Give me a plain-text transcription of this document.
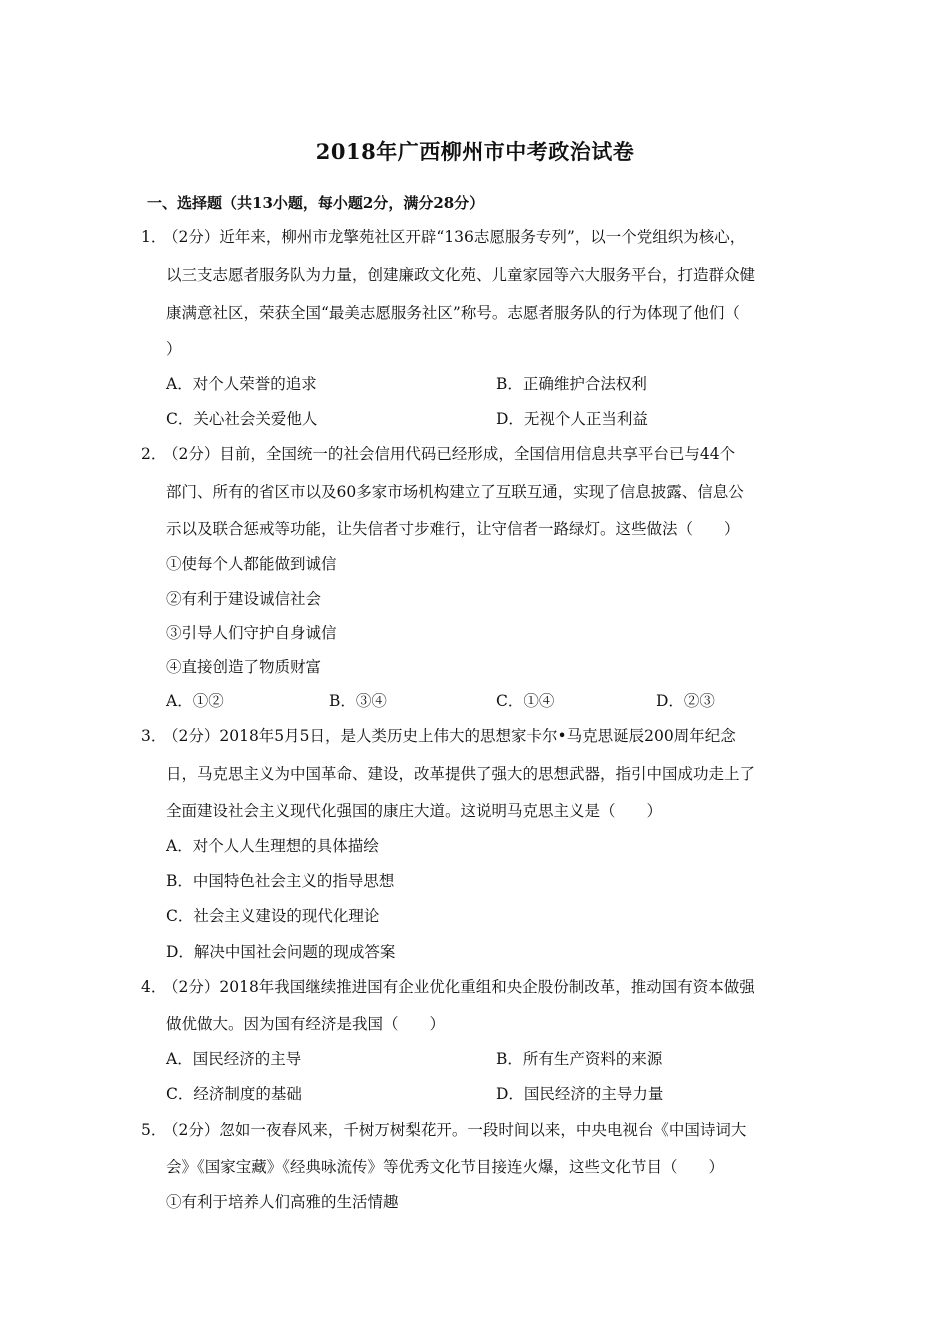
2018年广西柳州市中考政治试卷
一、选择题（共13小题，每小题2分，满分28分）
1．
（2分）近年来，柳州市龙擎苑社区开辟“136志愿服务专列”，以一个党组织为核心，
以三支志愿者服务队为力量，创建廉政文化苑、儿童家园等六大服务平台，打造群众健
康满意社区，荣获全国“最美志愿服务社区”称号。志愿者服务队的行为体现了他们（
）
A．对个人荣誉的追求	B．正确维护合法权利
C．关心社会关爱他人	D．无视个人正当利益
2．
（2分）目前，全国统一的社会信用代码已经形成，全国信用信息共享平台已与44个
部门、所有的省区市以及60多家市场机构建立了互联互通，实现了信息披露、信息公
示以及联合惩戒等功能，让失信者寸步难行，让守信者一路绿灯。这些做法（　　）
①使每个人都能做到诚信
②有利于建设诚信社会
③引导人们守护自身诚信
④直接创造了物质财富
A．①②	B．③④	C．①④	D．②③
3．
（2分）2018年5月5日，是人类历史上伟大的思想家卡尔•马克思诞辰200周年纪念
日，马克思主义为中国革命、建设，改革提供了强大的思想武器，指引中国成功走上了
全面建设社会主义现代化强国的康庄大道。这说明马克思主义是（　　）
A．对个人人生理想的具体描绘
B．中国特色社会主义的指导思想
C．社会主义建设的现代化理论
D．解决中国社会问题的现成答案
4．
（2分）2018年我国继续推进国有企业优化重组和央企股份制改革，推动国有资本做强
做优做大。因为国有经济是我国（　　）
A．国民经济的主导	B．所有生产资料的来源
C．经济制度的基础	D．国民经济的主导力量
5．
（2分）忽如一夜春风来，千树万树梨花开。一段时间以来，中央电视台《中国诗词大
会》《国家宝藏》《经典咏流传》等优秀文化节目接连火爆，这些文化节目（　　）
①有利于培养人们高雅的生活情趣
